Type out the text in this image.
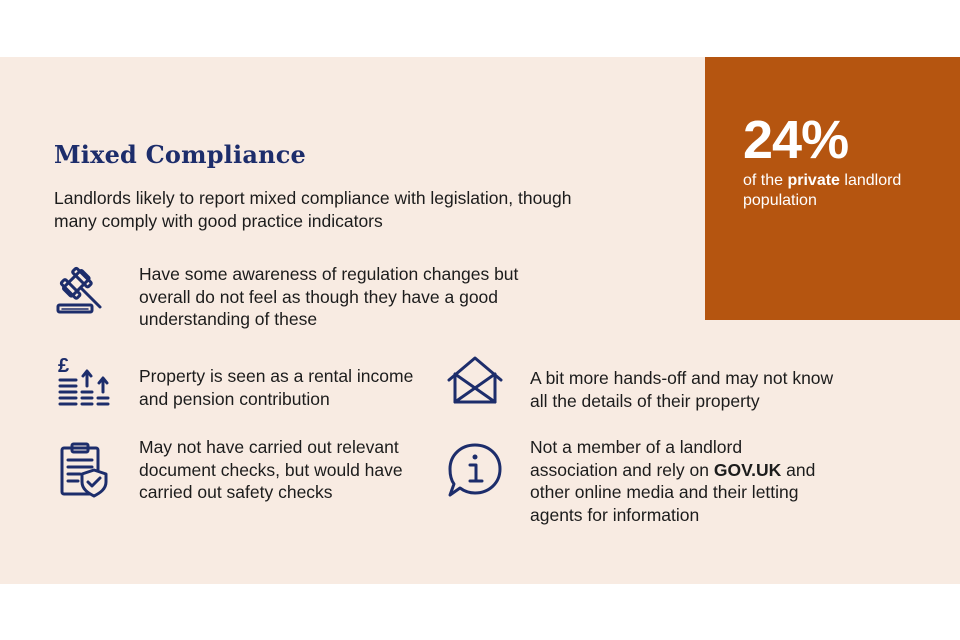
24%
of the private landlord population
Mixed Compliance
Landlords likely to report mixed compliance with legislation, though many comply with good practice indicators
Have some awareness of regulation changes but overall do not feel as though they have a good understanding of these
£	Property is seen as a rental income and pension contribution
A bit more hands-off and may not know all the details of their property
May not have carried out relevant document checks, but would have carried out safety checks
Not a member of a landlord association and rely on GOV.UK and other online media and their letting agents for information
